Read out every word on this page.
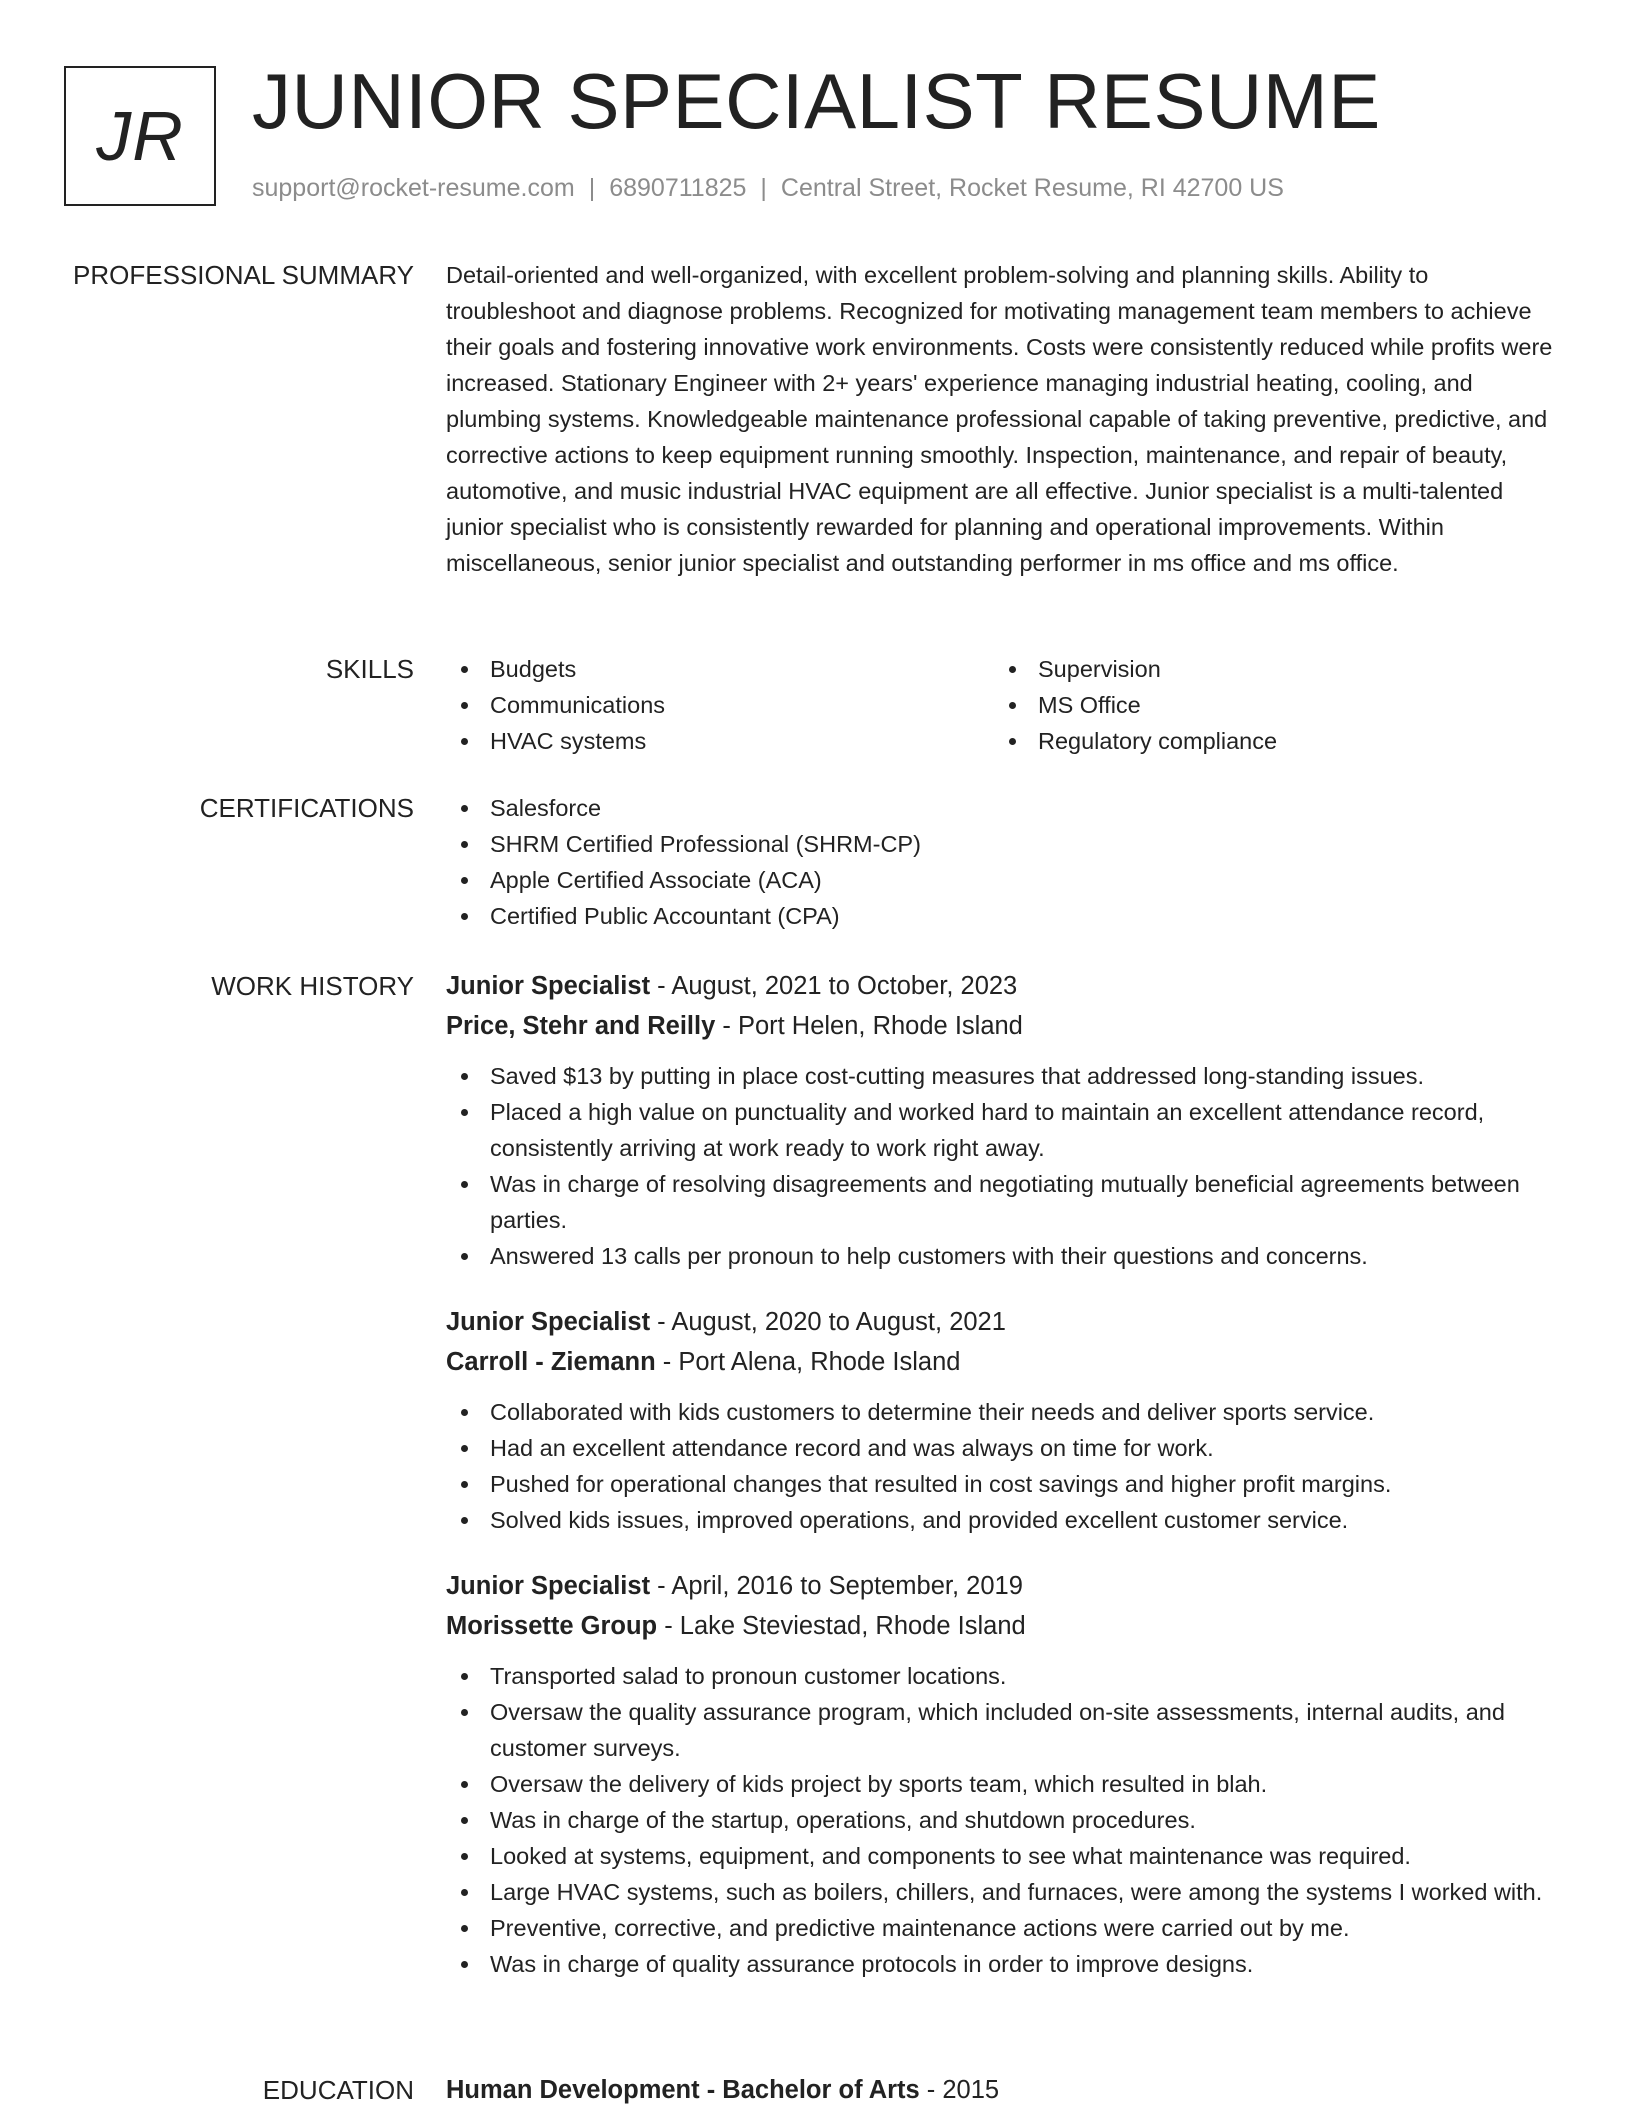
JR JUNIOR SPECIALIST RESUME
support@rocket-resume.com | 6890711825 | Central Street, Rocket Resume, RI 42700 US
PROFESSIONAL SUMMARY Detail-oriented and well-organized, with excellent problem-solving and planning skills. Ability to troubleshoot and diagnose problems. Recognized for motivating management team members to achieve their goals and fostering innovative work environments. Costs were consistently reduced while profits were increased. Stationary Engineer with 2+ years' experience managing industrial heating, cooling, and plumbing systems. Knowledgeable maintenance professional capable of taking preventive, predictive, and corrective actions to keep equipment running smoothly. Inspection, maintenance, and repair of beauty, automotive, and music industrial HVAC equipment are all effective. Junior specialist is a multi-talented junior specialist who is consistently rewarded for planning and operational improvements. Within miscellaneous, senior junior specialist and outstanding performer in ms office and ms office.

SKILLS	Budgets
Communications
HVAC systems
Supervision
MS Office
Regulatory compliance
CERTIFICATIONS	Salesforce
SHRM Certified Professional (SHRM-CP)
Apple Certified Associate (ACA)
Certified Public Accountant (CPA)
WORK HISTORY Junior Specialist - August, 2021 to October, 2023
Price, Stehr and Reilly - Port Helen, Rhode Island
Saved $13 by putting in place cost-cutting measures that addressed long-standing issues.
Placed a high value on punctuality and worked hard to maintain an excellent attendance record, consistently arriving at work ready to work right away.
Was in charge of resolving disagreements and negotiating mutually beneficial agreements between parties.
Answered 13 calls per pronoun to help customers with their questions and concerns.
Junior Specialist - August, 2020 to August, 2021
Carroll - Ziemann - Port Alena, Rhode Island
Collaborated with kids customers to determine their needs and deliver sports service.
Had an excellent attendance record and was always on time for work.
Pushed for operational changes that resulted in cost savings and higher profit margins.
Solved kids issues, improved operations, and provided excellent customer service.
Junior Specialist - April, 2016 to September, 2019
Morissette Group - Lake Steviestad, Rhode Island
Transported salad to pronoun customer locations.
Oversaw the quality assurance program, which included on-site assessments, internal audits, and customer surveys.
Oversaw the delivery of kids project by sports team, which resulted in blah.
Was in charge of the startup, operations, and shutdown procedures.
Looked at systems, equipment, and components to see what maintenance was required.
Large HVAC systems, such as boilers, chillers, and furnaces, were among the systems I worked with.
Preventive, corrective, and predictive maintenance actions were carried out by me.
Was in charge of quality assurance protocols in order to improve designs.
EDUCATION Human Development - Bachelor of Arts - 2015
